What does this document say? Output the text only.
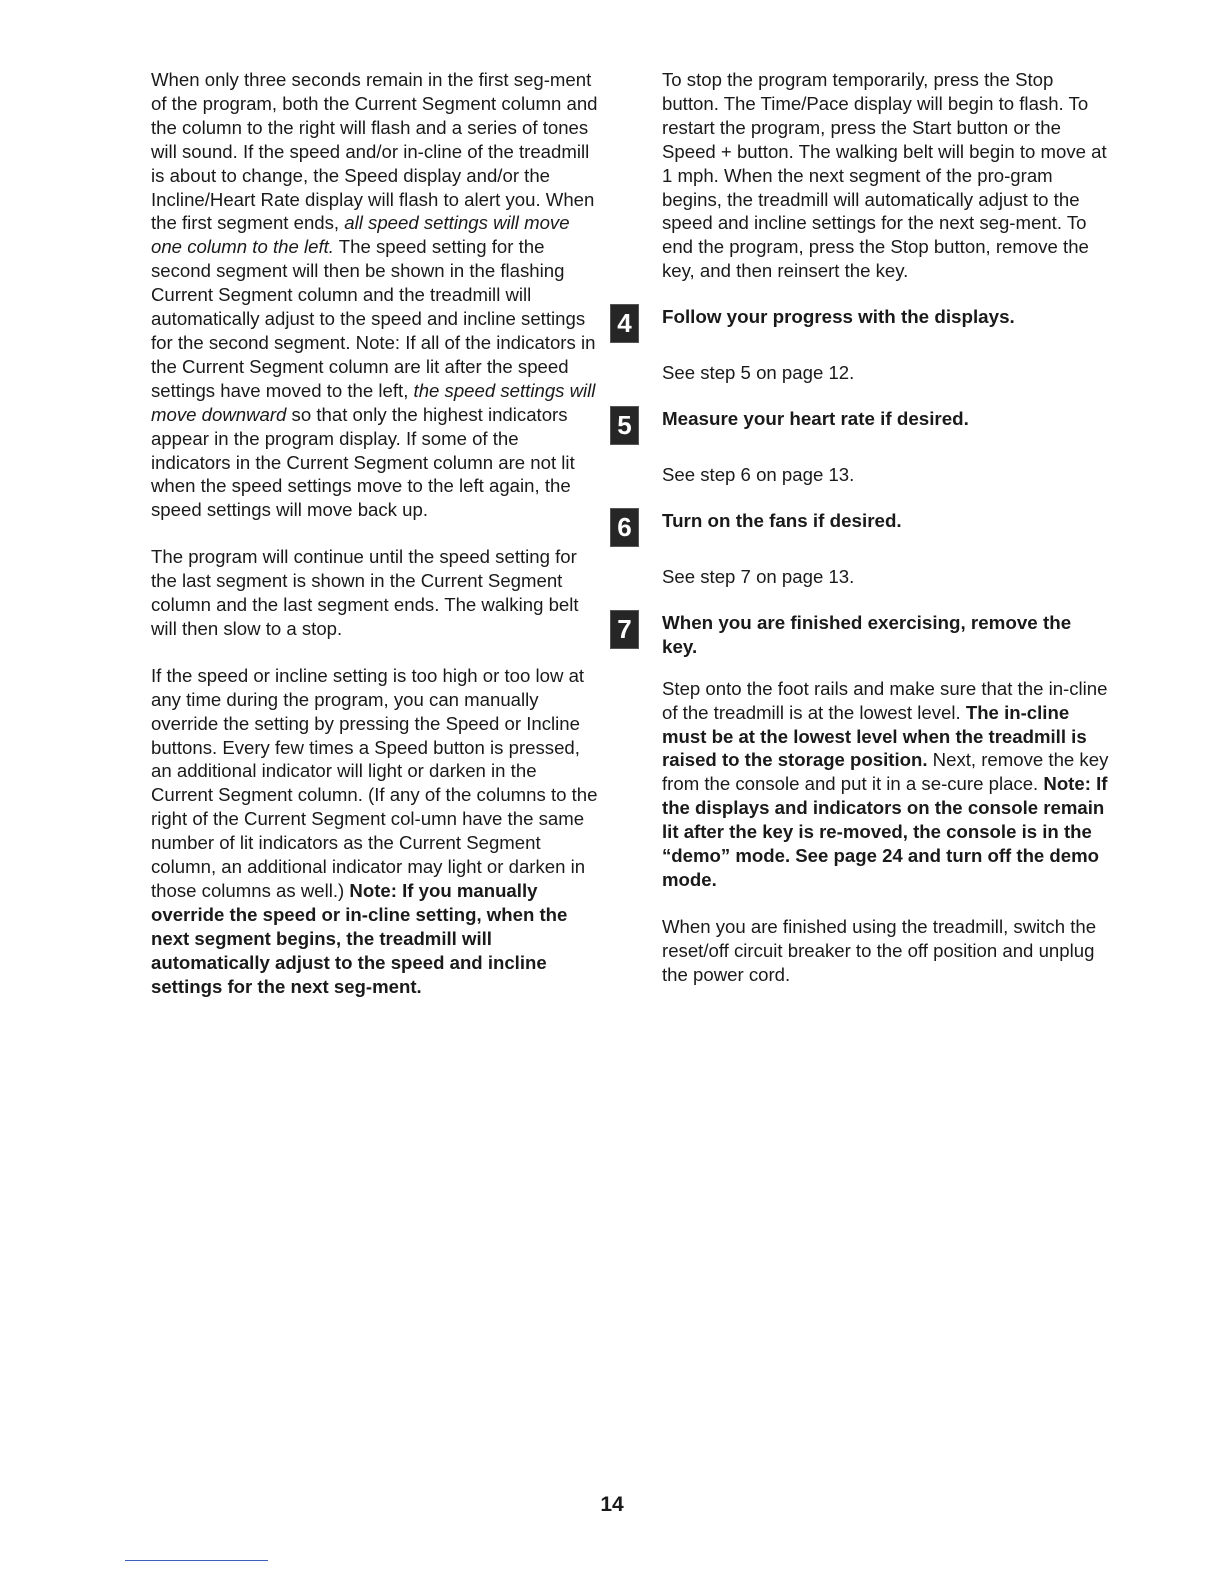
When only three seconds remain in the first seg-ment of the program, both the Current Segment column and the column to the right will flash and a series of tones will sound. If the speed and/or in-cline of the treadmill is about to change, the Speed display and/or the Incline/Heart Rate display will flash to alert you. When the first segment ends, all speed settings will move one column to the left. The speed setting for the second segment will then be shown in the flashing Current Segment column and the treadmill will automatically adjust to the speed and incline settings for the second segment. Note: If all of the indicators in the Current Segment column are lit after the speed settings have moved to the left, the speed settings will move downward so that only the highest indicators appear in the program display. If some of the indicators in the Current Segment column are not lit when the speed settings move to the left again, the speed settings will move back up.

The program will continue until the speed setting for the last segment is shown in the Current Segment column and the last segment ends. The walking belt will then slow to a stop.

If the speed or incline setting is too high or too low at any time during the program, you can manually override the setting by pressing the Speed or Incline buttons. Every few times a Speed button is pressed, an additional indicator will light or darken in the Current Segment column. (If any of the columns to the right of the Current Segment col-umn have the same number of lit indicators as the Current Segment column, an additional indicator may light or darken in those columns as well.) Note: If you manually override the speed or in-cline setting, when the next segment begins, the treadmill will automatically adjust to the speed and incline settings for the next seg-ment.

To stop the program temporarily, press the Stop button. The Time/Pace display will begin to flash. To restart the program, press the Start button or the Speed + button. The walking belt will begin to move at 1 mph. When the next segment of the pro-gram begins, the treadmill will automatically adjust to the speed and incline settings for the next seg-ment. To end the program, press the Stop button, remove the key, and then reinsert the key.

4	Follow your progress with the displays.

See step 5 on page 12.

5	Measure your heart rate if desired.

See step 6 on page 13.

6	Turn on the fans if desired.

See step 7 on page 13.

7	When you are finished exercising, remove the key.

Step onto the foot rails and make sure that the in-cline of the treadmill is at the lowest level. The in-cline must be at the lowest level when the treadmill is raised to the storage position. Next, remove the key from the console and put it in a se-cure place. Note: If the displays and indicators on the console remain lit after the key is re-moved, the console is in the “demo” mode. See page 24 and turn off the demo mode.

When you are finished using the treadmill, switch the reset/off circuit breaker to the off position and unplug the power cord.

14
